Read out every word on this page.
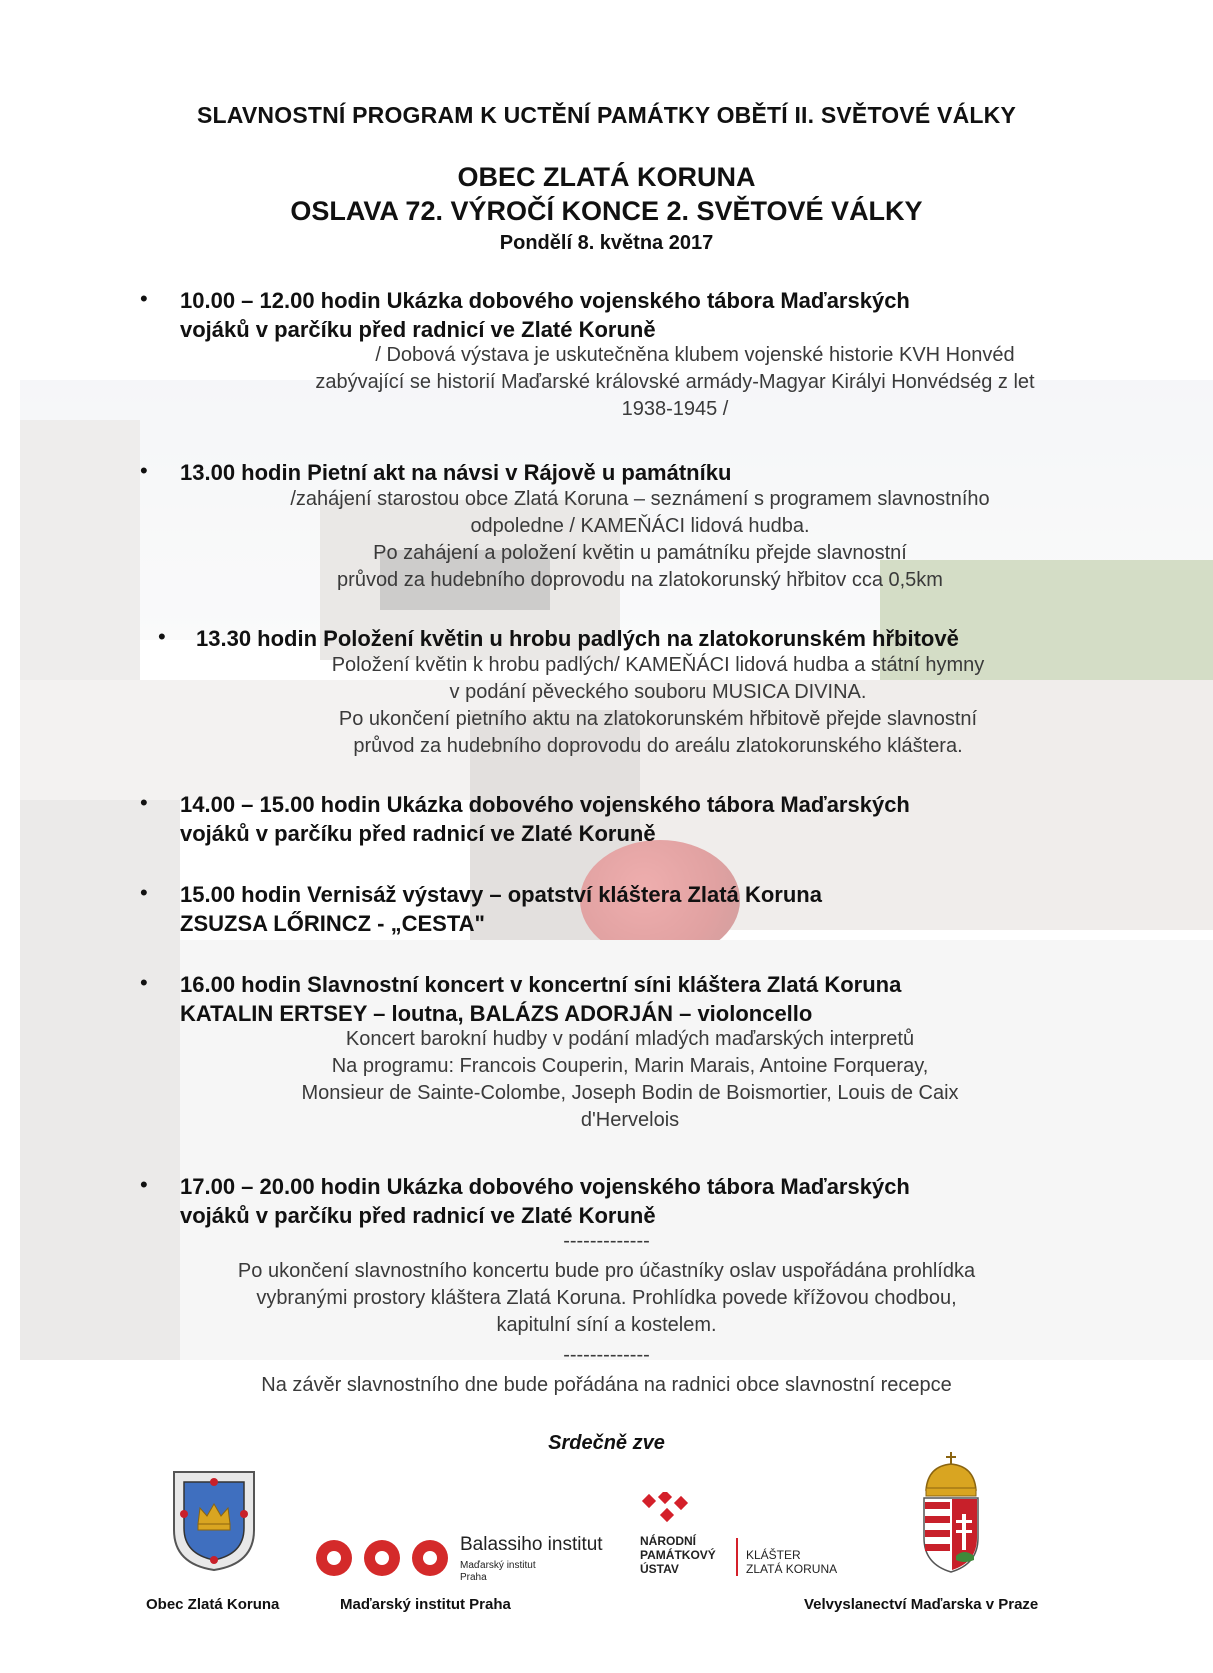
SLAVNOSTNÍ PROGRAM K UCTĚNÍ PAMÁTKY OBĚTÍ II. SVĚTOVÉ VÁLKY
OBEC ZLATÁ KORUNA
OSLAVA 72. VÝROČÍ KONCE 2. SVĚTOVÉ VÁLKY
Pondělí 8. května 2017
• 10.00 – 12.00 hodin Ukázka dobového vojenského tábora Maďarských
vojáků v parčíku před radnicí ve Zlaté Koruně
/ Dobová výstava je uskutečněna klubem vojenské historie KVH Honvéd
zabývající se historií Maďarské královské armády-Magyar Királyi Honvédség z let
1938-1945 /
• 13.00 hodin Pietní akt na návsi v Rájově u památníku
/zahájení starostou obce Zlatá Koruna – seznámení s programem slavnostního
odpoledne / KAMEŇÁCI lidová hudba.
Po zahájení a položení květin u památníku přejde slavnostní
průvod za hudebního doprovodu na zlatokorunský hřbitov cca 0,5km
• 13.30 hodin Položení květin u hrobu padlých na zlatokorunském hřbitově
Položení květin k hrobu padlých/ KAMEŇÁCI lidová hudba a státní hymny
v podání pěveckého souboru MUSICA DIVINA.
Po ukončení pietního aktu na zlatokorunském hřbitově přejde slavnostní
průvod za hudebního doprovodu do areálu zlatokorunského kláštera.
• 14.00 – 15.00 hodin Ukázka dobového vojenského tábora Maďarských
vojáků v parčíku před radnicí ve Zlaté Koruně
• 15.00 hodin Vernisáž výstavy – opatství kláštera Zlatá Koruna
ZSUZSA LŐRINCZ - „CESTA"
• 16.00 hodin Slavnostní koncert v koncertní síni kláštera Zlatá Koruna
KATALIN ERTSEY – loutna, BALÁZS ADORJÁN – violoncello
Koncert barokní hudby v podání mladých maďarských interpretů
Na programu: Francois Couperin, Marin Marais, Antoine Forqueray,
Monsieur de Sainte-Colombe, Joseph Bodin de Boismortier, Louis de Caix
d'Hervelois
• 17.00 – 20.00 hodin Ukázka dobového vojenského tábora Maďarských
vojáků v parčíku před radnicí ve Zlaté Koruně
-------------
Po ukončení slavnostního koncertu bude pro účastníky oslav uspořádána prohlídka
vybranými prostory kláštera Zlatá Koruna. Prohlídka povede křížovou chodbou,
kapitulní síní a kostelem.
-------------
Na závěr slavnostního dne bude pořádána na radnici obce slavnostní recepce
Srdečně zve
Obec Zlatá Koruna
Balassiho institut
Maďarský institut
Praha
Maďarský institut Praha
NÁRODNÍ
PAMÁTKOVÝ
ÚSTAV
KLÁŠTER
ZLATÁ KORUNA
Velvyslanectví Maďarska v Praze
